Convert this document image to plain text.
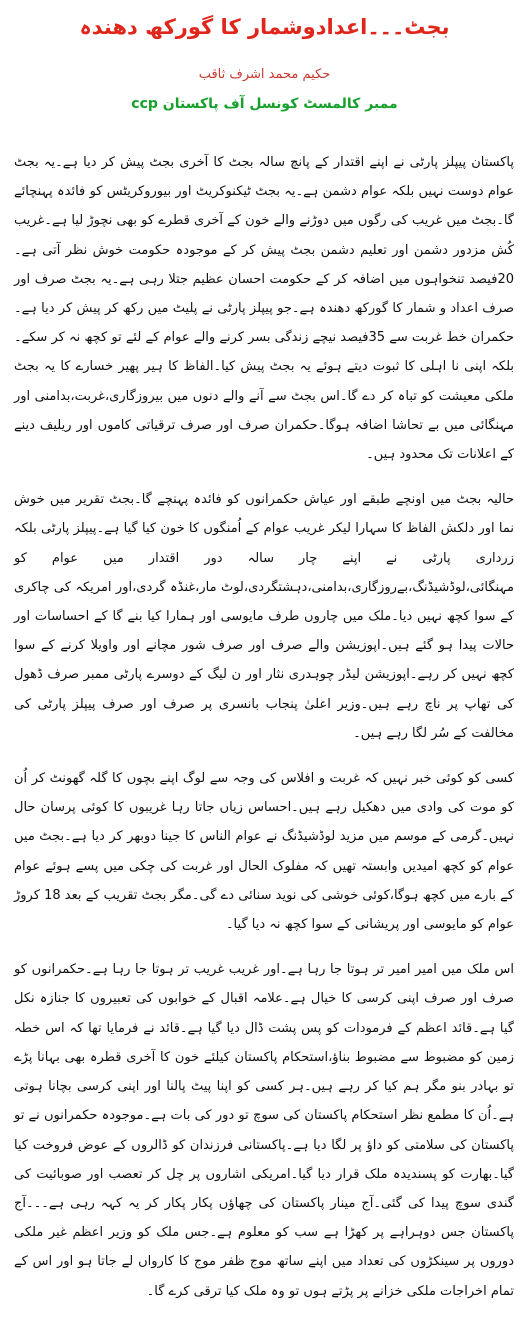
بجٹ۔۔۔اعدادوشمار کا گورکھ دھندہ
حکیم محمد اشرف ثاقب
ممبر کالمسٹ کونسل آف پاکستان ccp

پاکستان پیپلز پارٹی نے اپنے اقتدار کے پانچ سالہ بجٹ کا آخری بجٹ پیش کر دیا ہے۔یہ بجٹ عوام دوست نہیں بلکہ عوام دشمن ہے۔یہ بجٹ ٹیکنوکریٹ اور بیوروکریٹس کو فائدہ پہنچائے گا۔بجٹ میں غریب کی رگوں میں دوڑنے والے خون کے آخری قطرے کو بھی نچوڑ لیا ہے۔غریب کُش مزدور دشمن اور تعلیم دشمن بجٹ پیش کر کے موجودہ حکومت خوش نظر آتی ہے۔20فیصد تنخواہوں میں اضافہ کر کے حکومت احسان عظیم جتلا رہی ہے۔یہ بجٹ صرف اور صرف اعداد و شمار کا گورکھ دھندہ ہے۔جو پیپلز پارٹی نے پلیٹ میں رکھ کر پیش کر دیا ہے۔حکمران خط غربت سے 35فیصد نیچے زندگی بسر کرنے والے عوام کے لئے تو کچھ نہ کر سکے۔بلکہ اپنی نا اہلی کا ثبوت دیتے ہوئے یہ بجٹ پیش کیا۔الفاظ کا ہیر پھیر خسارے کا یہ بجٹ ملکی معیشت کو تباہ کر دے گا۔اس بجٹ سے آنے والے دنوں میں بیروزگاری،غربت،بدامنی اور مہنگائی میں بے تحاشا اضافہ ہوگا۔حکمران صرف اور صرف ترقیاتی کاموں اور ریلیف دینے کے اعلانات تک محدود ہیں۔

حالیہ بجٹ میں اونچے طبقے اور عیاش حکمرانوں کو فائدہ پہنچے گا۔بجٹ تقریر میں خوش نما اور دلکش الفاظ کا سہارا لیکر غریب عوام کے اُمنگوں کا خون کیا گیا ہے۔پیپلز پارٹی بلکہ زرداری پارٹی نے اپنے چار سالہ دور اقتدار میں عوام کو مہنگائی،لوڈشیڈنگ،بےروزگاری،بدامنی،دہشتگردی،لوٹ مار،غنڈہ گردی،اور امریکہ کی چاکری کے سوا کچھ نہیں دیا۔ملک میں چاروں طرف مایوسی اور ہمارا کیا بنے گا کے احساسات اور حالات پیدا ہو گئے ہیں۔اپوزیشن والے صرف اور صرف شور مچانے اور واویلا کرنے کے سوا کچھ نہیں کر رہے۔اپوزیشن لیڈر چوہدری نثار اور ن لیگ کے دوسرے پارٹی ممبر صرف ڈھول کی تھاپ پر ناچ رہے ہیں۔وزیر اعلیٰ پنجاب بانسری پر صرف اور صرف پیپلز پارٹی کی مخالفت کے سُر لگا رہے ہیں۔

کسی کو کوئی خبر نہیں کہ غربت و افلاس کی وجہ سے لوگ اپنے بچوں کا گلہ گھونٹ کر اُن کو موت کی وادی میں دھکیل رہے ہیں۔احساس زیاں جاتا رہا غریبوں کا کوئی پرسان حال نہیں۔گرمی کے موسم میں مزید لوڈشیڈنگ نے عوام الناس کا جینا دوبھر کر دیا ہے۔بجٹ میں عوام کو کچھ امیدیں وابستہ تھیں کہ مفلوک الحال اور غربت کی چکی میں پسے ہوئے عوام کے بارے میں کچھ ہوگا،کوئی خوشی کی نوید سنائی دے گی۔مگر بجٹ تقریب کے بعد 18 کروڑ عوام کو مایوسی اور پریشانی کے سوا کچھ نہ دیا گیا۔

اس ملک میں امیر امیر تر ہوتا جا رہا ہے۔اور غریب غریب تر ہوتا جا رہا ہے۔حکمرانوں کو صرف اور صرف اپنی کرسی کا خیال ہے۔علامہ اقبال کے خوابوں کی تعبیروں کا جنازہ نکل گیا ہے۔قائد اعظم کے فرمودات کو پس پشت ڈال دیا گیا ہے۔قائد نے فرمایا تھا کہ اس خطہ زمین کو مضبوط سے مضبوط بناؤ،استحکام پاکستان کیلئے خون کا آخری قطرہ بھی بہانا پڑے تو بہادر بنو مگر ہم کیا کر رہے ہیں۔ہر کسی کو اپنا پیٹ پالنا اور اپنی کرسی بچانا ہوتی ہے۔اُن کا مطمع نظر استحکام پاکستان کی سوچ تو دور کی بات ہے۔موجودہ حکمرانوں نے تو پاکستان کی سلامتی کو داؤ پر لگا دیا ہے۔پاکستانی فرزندان کو ڈالروں کے عوض فروخت کیا گیا۔بھارت کو پسندیدہ ملک قرار دیا گیا۔امریکی اشاروں پر چل کر تعصب اور صوبائیت کی گندی سوچ پیدا کی گئی۔آج مینار پاکستان کی چھاؤں پکار پکار کر یہ کہہ رہی ہے۔۔۔آج پاکستان جس دوہراہے پر کھڑا ہے سب کو معلوم ہے۔جس ملک کو وزیر اعظم غیر ملکی دوروں پر سینکڑوں کی تعداد میں اپنے ساتھ موج ظفر موج کا کارواں لے جاتا ہو اور اس کے تمام اخراجات ملکی خزانے پر پڑتے ہوں تو وہ ملک کیا ترقی کرے گا۔
